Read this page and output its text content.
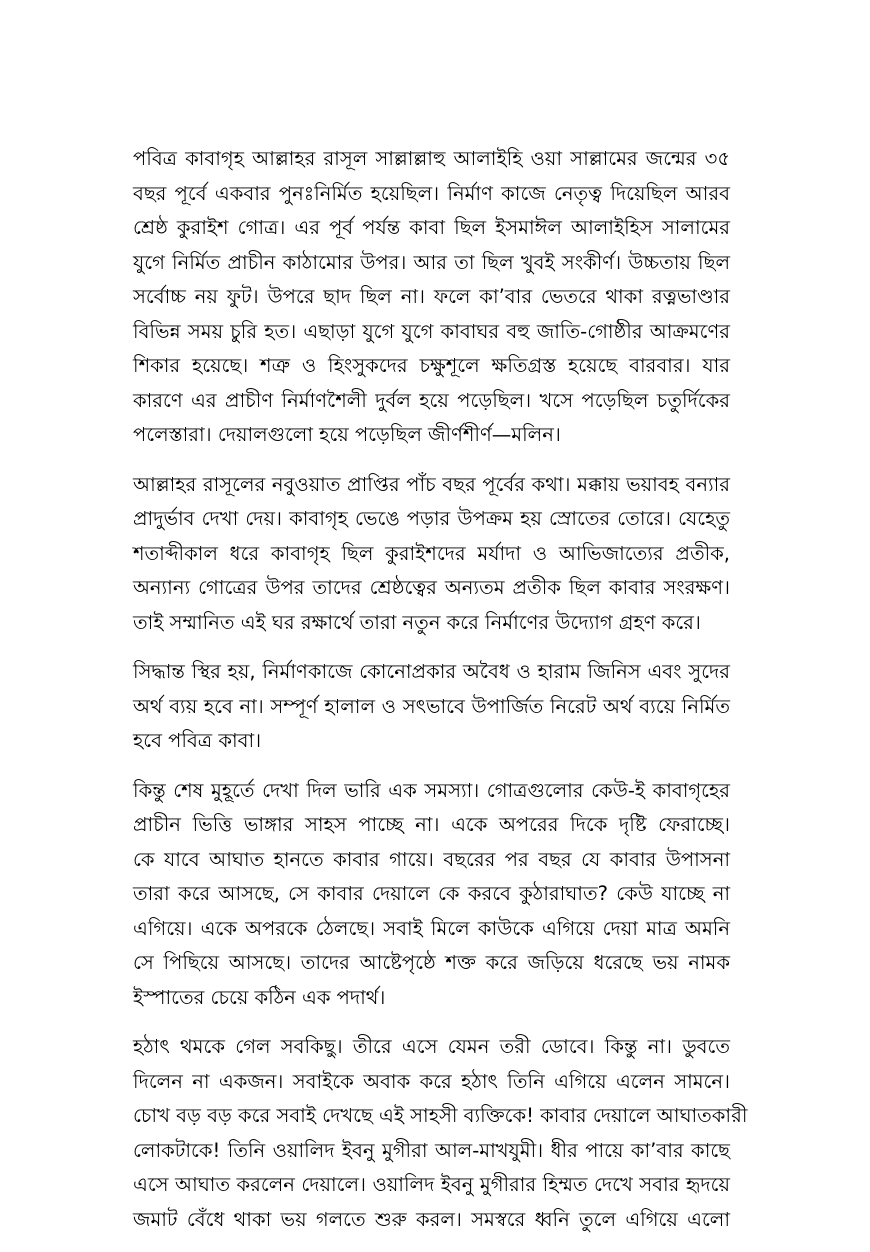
পবিত্র কাবাগৃহ আল্লাহর রাসূল সাল্লাল্লাহু আলাইহি ওয়া সাল্লামের জন্মের ৩৫
বছর পূর্বে একবার পুনঃনির্মিত হয়েছিল। নির্মাণ কাজে নেতৃত্ব দিয়েছিল আরব
শ্রেষ্ঠ কুরাইশ গোত্র। এর পূর্ব পর্যন্ত কাবা ছিল ইসমাঈল আলাইহিস সালামের
যুগে নির্মিত প্রাচীন কাঠামোর উপর। আর তা ছিল খুবই সংকীর্ণ। উচ্চতায় ছিল
সর্বোচ্চ নয় ফুট। উপরে ছাদ ছিল না। ফলে কা’বার ভেতরে থাকা রত্নভাণ্ডার
বিভিন্ন সময় চুরি হত। এছাড়া যুগে যুগে কাবাঘর বহু জাতি-গোষ্ঠীর আক্রমণের
শিকার হয়েছে। শত্রু ও হিংসুকদের চক্ষুশূলে ক্ষতিগ্রস্ত হয়েছে বারবার। যার
কারণে এর প্রাচীণ নির্মাণশৈলী দুর্বল হয়ে পড়েছিল। খসে পড়েছিল চতুর্দিকের
পলেস্তারা। দেয়ালগুলো হয়ে পড়েছিল জীর্ণশীর্ণ—মলিন।
আল্লাহর রাসূলের নবুওয়াত প্রাপ্তির পাঁচ বছর পূর্বের কথা। মক্কায় ভয়াবহ বন্যার
প্রাদুর্ভাব দেখা দেয়। কাবাগৃহ ভেঙে পড়ার উপক্রম হয় স্রোতের তোরে। যেহেতু
শতাব্দীকাল ধরে কাবাগৃহ ছিল কুরাইশদের মর্যাদা ও আভিজাত্যের প্রতীক,
অন্যান্য গোত্রের উপর তাদের শ্রেষ্ঠত্বের অন্যতম প্রতীক ছিল কাবার সংরক্ষণ।
তাই সম্মানিত এই ঘর রক্ষার্থে তারা নতুন করে নির্মাণের উদ্যোগ গ্রহণ করে।
সিদ্ধান্ত স্থির হয়, নির্মাণকাজে কোনোপ্রকার অবৈধ ও হারাম জিনিস এবং সুদের
অর্থ ব্যয় হবে না। সম্পূর্ণ হালাল ও সৎভাবে উপার্জিত নিরেট অর্থ ব্যয়ে নির্মিত
হবে পবিত্র কাবা।
কিন্তু শেষ মুহূর্তে দেখা দিল ভারি এক সমস্যা। গোত্রগুলোর কেউ-ই কাবাগৃহের
প্রাচীন ভিত্তি ভাঙ্গার সাহস পাচ্ছে না। একে অপরের দিকে দৃষ্টি ফেরাচ্ছে।
কে যাবে আঘাত হানতে কাবার গায়ে। বছরের পর বছর যে কাবার উপাসনা
তারা করে আসছে, সে কাবার দেয়ালে কে করবে কুঠারাঘাত? কেউ যাচ্ছে না
এগিয়ে। একে অপরকে ঠেলছে। সবাই মিলে কাউকে এগিয়ে দেয়া মাত্র অমনি
সে পিছিয়ে আসছে। তাদের আষ্টেপৃষ্ঠে শক্ত করে জড়িয়ে ধরেছে ভয় নামক
ইস্পাতের চেয়ে কঠিন এক পদার্থ।
হঠাৎ থমকে গেল সবকিছু। তীরে এসে যেমন তরী ডোবে। কিন্তু না। ডুবতে
দিলেন না একজন। সবাইকে অবাক করে হঠাৎ তিনি এগিয়ে এলেন সামনে।
চোখ বড় বড় করে সবাই দেখছে এই সাহসী ব্যক্তিকে! কাবার দেয়ালে আঘাতকারী
লোকটাকে! তিনি ওয়ালিদ ইবনু মুগীরা আল-মাখযুমী। ধীর পায়ে কা’বার কাছে
এসে আঘাত করলেন দেয়ালে। ওয়ালিদ ইবনু মুগীরার হিম্মত দেখে সবার হৃদয়ে
জমাট বেঁধে থাকা ভয় গলতে শুরু করল। সমস্বরে ধ্বনি তুলে এগিয়ে এলো
